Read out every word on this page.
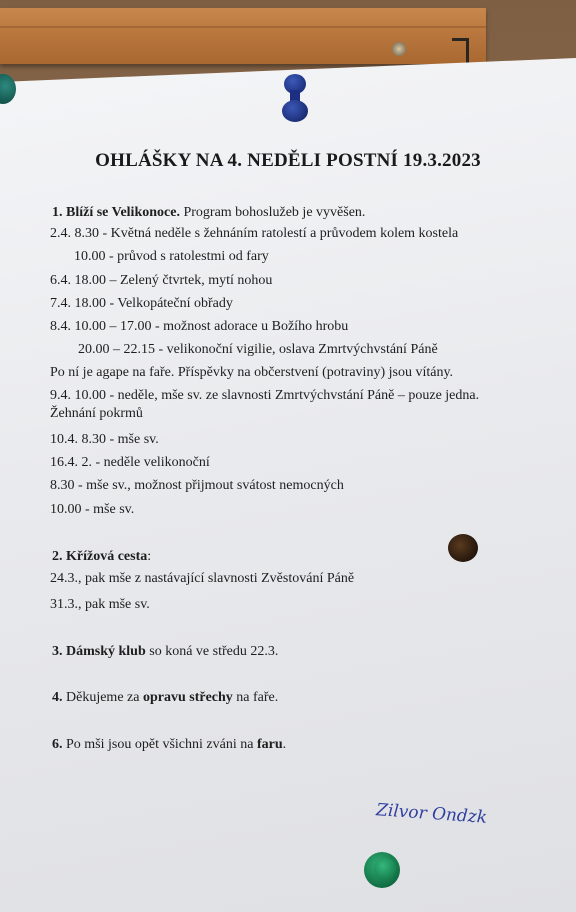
OHLÁŠKY NA 4. NEDĚLI POSTNÍ 19.3.2023
1. Blíží se Velikonoce. Program bohoslužeb je vyvěšen.
2.4. 8.30 - Květná neděle s žehnáním ratolestí a průvodem kolem kostela
10.00 - průvod s ratolestmi od fary
6.4. 18.00 – Zelený čtvrtek, mytí nohou
7.4. 18.00 - Velkopáteční obřady
8.4. 10.00 – 17.00 - možnost adorace u Božího hrobu
20.00 – 22.15 - velikonoční vigilie, oslava Zmrtvýchvstání Páně
Po ní je agape na faře. Příspěvky na občerstvení (potraviny) jsou vítány.
9.4. 10.00 - neděle, mše sv. ze slavnosti Zmrtvýchvstání Páně – pouze jedna.
Žehnání pokrmů
10.4. 8.30 - mše sv.
16.4. 2. - neděle velikonoční
8.30 - mše sv., možnost přijmout svátost nemocných
10.00 - mše sv.
2. Křížová cesta:
24.3., pak mše z nastávající slavnosti Zvěstování Páně
31.3., pak mše sv.
3. Dámský klub so koná ve středu 22.3.
4. Děkujeme za opravu střechy na faře.
6. Po mši jsou opět všichni zváni na faru.
Zilvor Ondzk
